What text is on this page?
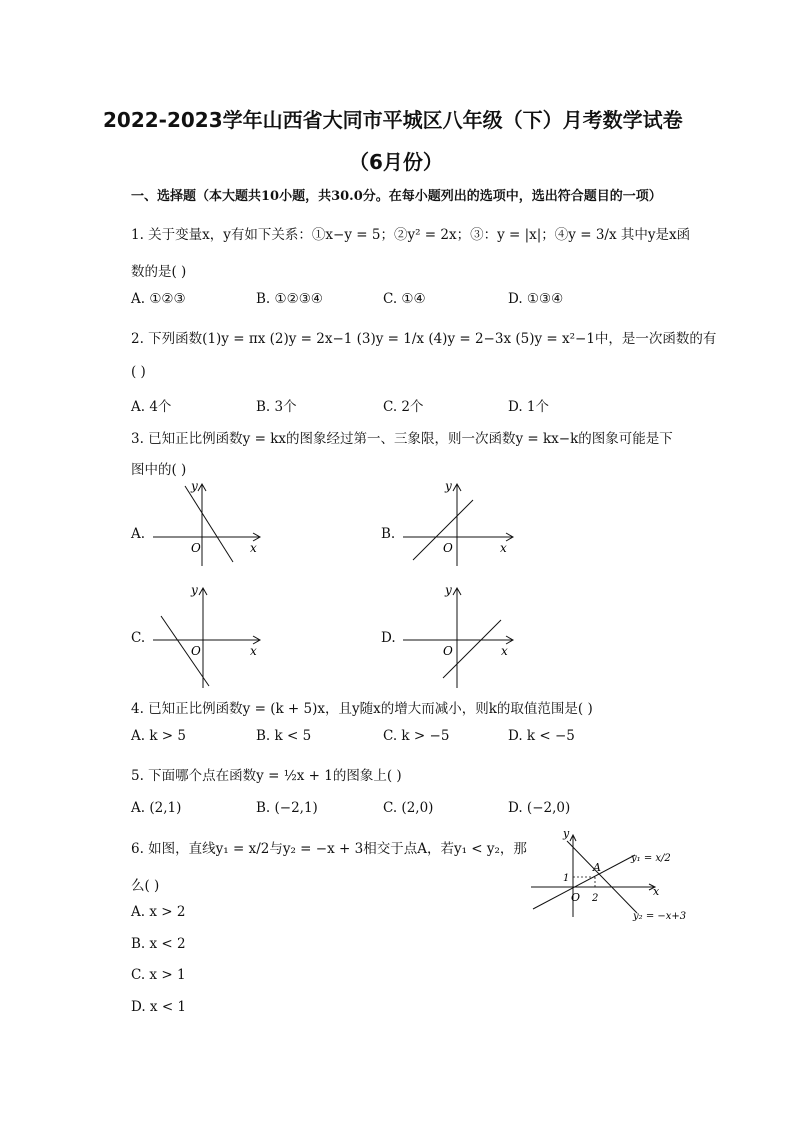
2022-2023学年山西省大同市平城区八年级（下）月考数学试卷
（6月份）
一、选择题（本大题共10小题，共30.0分。在每小题列出的选项中，选出符合题目的一项）
1. 关于变量x，y有如下关系：①x−y = 5；②y² = 2x；③：y = |x|；④y = 3/x 其中y是x函
数的是( )
A. ①②③	B. ①②③④	C. ①④	D. ①③④
2. 下列函数(1)y = πx (2)y = 2x−1 (3)y = 1/x (4)y = 2−3x (5)y = x²−1中，是一次函数的有
( )
A. 4个	B. 3个	C. 2个	D. 1个
3. 已知正比例函数y = kx的图象经过第一、三象限，则一次函数y = kx−k的图象可能是下
图中的( )
A.
y
x
O
B.
y
x
O
C.
y
x
O
D.
y
x
O
4. 已知正比例函数y = (k + 5)x，且y随x的增大而减小，则k的取值范围是( )
A. k > 5	B. k < 5	C. k > −5	D. k < −5
5. 下面哪个点在函数y = ½x + 1的图象上( )
A. (2,1)	B. (−2,1)	C. (2,0)	D. (−2,0)
6. 如图，直线y₁ = x/2与y₂ = −x + 3相交于点A，若y₁ < y₂，那
么( )
A. x > 2
B. x < 2
C. x > 1
D. x < 1
y
x
O
A
1
2
y₁ = x/2
y₂ = −x+3
